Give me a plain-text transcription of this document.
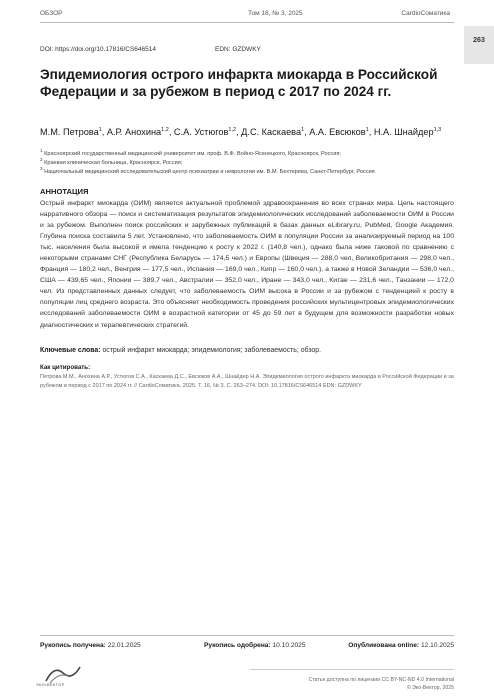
ОБЗОР	Том 16, № 3, 2025	CardioСоматика
263
DOI: https://doi.org/10.17816/CS646514	EDN: GZDWKY
Эпидемиология острого инфаркта миокарда в Российской Федерации и за рубежом в период с 2017 по 2024 гг.
М.М. Петрова$^1$, А.Р. Анохина$^{1,2}$, С.А. Устюгов$^{1,2}$, Д.С. Каскаева$^1$, А.А. Евсюков$^1$, Н.А. Шнайдер$^{1,3}$
$^1$ Красноярский государственный медицинский университет им. проф. В.Ф. Войно-Ясенецкого, Красноярск, Россия;
$^2$ Краевая клиническая больница, Красноярск, Россия;
$^3$ Национальный медицинский исследовательский центр психиатрии и неврологии им. В.М. Бехтерева, Санкт-Петербург, Россия
АННОТАЦИЯ

Острый инфаркт миокарда (ОИМ) является актуальной проблемой здравоохранения во всех странах мира. Цель настоящего нарративного обзора — поиск и систематизация результатов эпидемиологических исследований заболеваемости ОИМ в России и за рубежом. Выполнен поиск российских и зарубежных публикаций в базах данных eLibrary.ru, PubMed, Google Академия. Глубина поиска составила 5 лет. Установлено, что заболеваемость ОИМ в популяции России за анализируемый период на 100 тыс. населения была высокой и имела тенденцию к росту к 2022 г. (140,8 чел.), однако была ниже таковой по сравнению с некоторыми странами СНГ (Республика Беларусь — 174,5 чел.) и Европы (Швеция — 288,0 чел, Великобритания — 298,0 чел., Франция — 180,2 чел., Венгрия — 177,5 чел., Испания — 169,0 чел., Кипр — 160,0 чел.), а также в Новой Зеландии — 536,0 чел., США — 439,65 чел., Японии — 389,7 чел., Австралии — 352,0 чел., Иране — 343,0 чел., Китае — 231,6 чел., Танзании — 172,0 чел. Из представленных данных следует, что заболеваемость ОИМ высока в России и за рубежом с тенденцией к росту в популяции лиц среднего возраста. Это объясняет необходимость проведения российских мультицентровых эпидемиологических исследований заболеваемости ОИМ в возрастной категории от 45 до 59 лет в будущем для возможности разработки новых диагностических и терапевтических стратегий.

Ключевые слова: острый инфаркт миокарда; эпидемиология; заболеваемость; обзор.
Как цитировать:

Петрова М.М., Анохина А.Р., Устюгов С.А., Каскаева Д.С., Евсюков А.А., Шнайдер Н.А. Эпидемиология острого инфаркта миокарда в Российской Федерации и за рубежом в период с 2017 по 2024 гг. // CardioСоматика. 2025. Т. 16, № 3. С. 263–274. DOI: 10.17816/CS646514 EDN: GZDWKY

Рукопись получена: 22.01.2025	Рукопись одобрена: 10.10.2025	Опубликована online: 12.10.2025
ЭКО•ВЕКТОР
Статья доступна по лицензии CC BY-NC-ND 4.0 International
© Эко-Вектор, 2025
